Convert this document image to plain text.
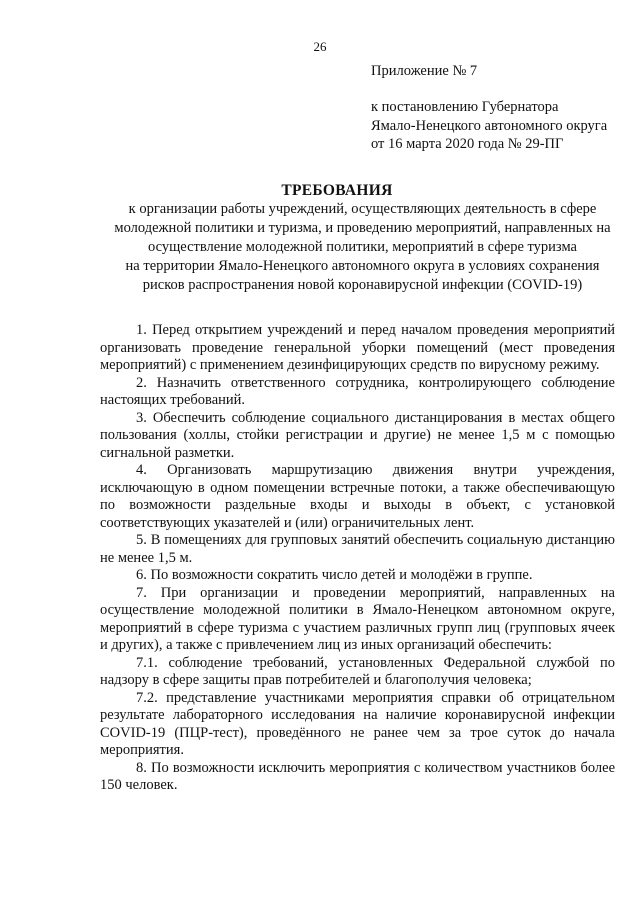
26
Приложение № 7
к постановлению Губернатора
Ямало-Ненецкого автономного округа
от 16 марта 2020 года № 29-ПГ
ТРЕБОВАНИЯ
к организации работы учреждений, осуществляющих деятельность в сфере
молодежной политики и туризма, и проведению мероприятий, направленных на
осуществление молодежной политики, мероприятий в сфере туризма
на территории Ямало-Ненецкого автономного округа в условиях сохранения
рисков распространения новой коронавирусной инфекции (COVID-19)

1. Перед открытием учреждений и перед началом проведения мероприятий организовать проведение генеральной уборки помещений (мест проведения мероприятий) с применением дезинфицирующих средств по вирусному режиму.

2. Назначить ответственного сотрудника, контролирующего соблюдение настоящих требований.

3. Обеспечить соблюдение социального дистанцирования в местах общего пользования (холлы, стойки регистрации и другие) не менее 1,5 м с помощью сигнальной разметки.

4. Организовать маршрутизацию движения внутри учреждения, исключающую в одном помещении встречные потоки, а также обеспечивающую по возможности раздельные входы и выходы в объект, с установкой соответствующих указателей и (или) ограничительных лент.

5. В помещениях для групповых занятий обеспечить социальную дистанцию не менее 1,5 м.

6. По возможности сократить число детей и молодёжи в группе.

7. При организации и проведении мероприятий, направленных на осуществление молодежной политики в Ямало-Ненецком автономном округе, мероприятий в сфере туризма с участием различных групп лиц (групповых ячеек и других), а также с привлечением лиц из иных организаций обеспечить:

7.1. соблюдение требований, установленных Федеральной службой по надзору в сфере защиты прав потребителей и благополучия человека;

7.2. представление участниками мероприятия справки об отрицательном результате лабораторного исследования на наличие коронавирусной инфекции COVID-19 (ПЦР-тест), проведённого не ранее чем за трое суток до начала мероприятия.

8. По возможности исключить мероприятия с количеством участников более 150 человек.
